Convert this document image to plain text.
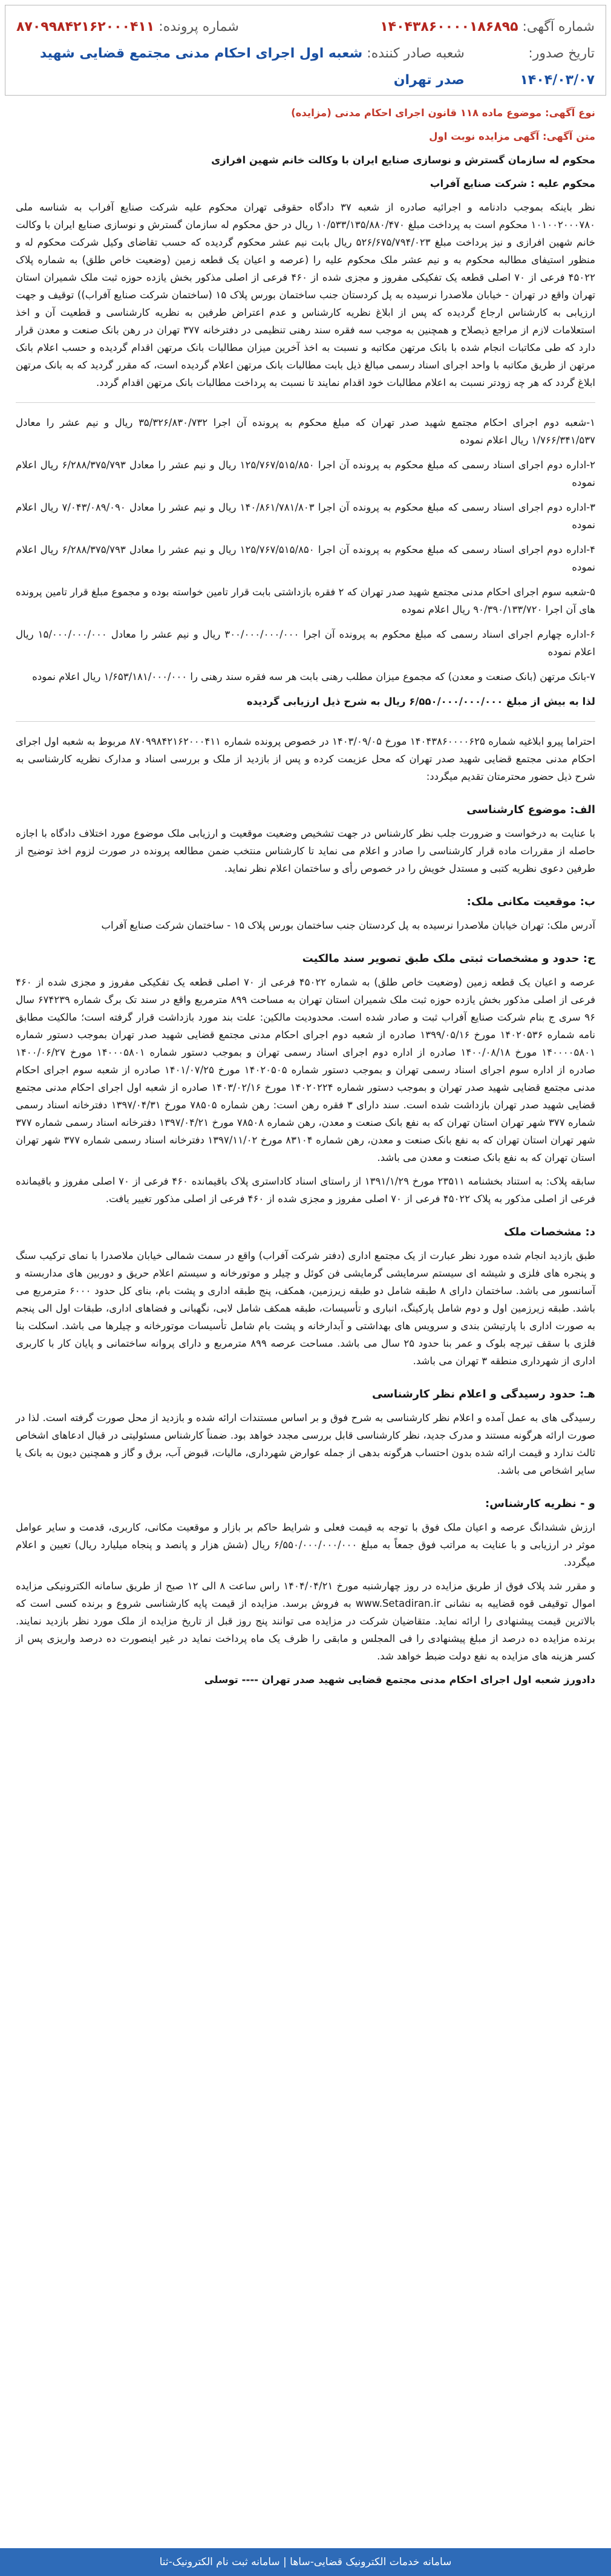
شماره آگهی: ۱۴۰۴۳۸۶۰۰۰۰۱۸۶۸۹۵
شماره پرونده: ۸۷۰۹۹۸۴۲۱۶۲۰۰۰۴۱۱
تاریخ صدور: ۱۴۰۴/۰۳/۰۷
شعبه صادر کننده: شعبه اول اجرای احکام مدنی مجتمع قضایی شهید صدر تهران

نوع آگهی: موضوع ماده ۱۱۸ قانون اجرای احکام مدنی (مزایده)

متن آگهی: آگهی مزایده نوبت اول

محکوم له سازمان گسترش و نوسازی صنایع ایران با وکالت خانم شهین افرازی

محکوم علیه : شرکت صنایع آفراب

نظر باینکه بموجب دادنامه و اجرائیه صادره از شعبه ۳۷ دادگاه حقوقی تهران محکوم علیه شرکت صنایع آفراب به شناسه ملی ۱۰۱۰۰۲۰۰۰۷۸۰ محکوم است به پرداخت مبلغ ۱۰/۵۳۳/۱۳۵/۸۸۰/۴۷۰ ریال در حق محکوم له سازمان گسترش و نوسازی صنایع ایران با وکالت خانم شهین افرازی و نیز پرداخت مبلغ ۵۲۶/۶۷۵/۷۹۴/۰۲۳ ریال بابت نیم عشر محکوم گردیده که حسب تقاضای وکیل شرکت محکوم له و منظور استیفای مطالبه محکوم به و نیم عشر ملک محکوم علیه را (عرصه و اعیان یک قطعه زمین (وضعیت خاص طلق) به شماره پلاک ۴۵۰۲۲ فرعی از ۷۰ اصلی قطعه یک تفکیکی مفروز و مجزی شده از ۴۶۰ فرعی از اصلی مذکور بخش یازده حوزه ثبت ملک شمیران استان تهران واقع در تهران - خیابان ملاصدرا نرسیده به پل کردستان جنب ساختمان بورس پلاک ۱۵ (ساختمان شرکت صنایع آفراب)) توقیف و جهت ارزیابی به کارشناس ارجاع گردیده که پس از ابلاغ نظریه کارشناس و عدم اعتراض طرفین به نظریه کارشناسی و قطعیت آن و اخذ استعلامات لازم از مراجع ذیصلاح و همچنین به موجب سه فقره سند رهنی تنظیمی در دفترخانه ۳۷۷ تهران در رهن بانک صنعت و معدن قرار دارد که طی مکاتبات انجام شده با بانک مرتهن مکاتبه و نسبت به اخذ آخرین میزان مطالبات بانک مرتهن اقدام گردیده و حسب اعلام بانک مرتهن از طریق مکاتبه با واحد اجرای اسناد رسمی مبالغ ذیل بابت مطالبات بانک مرتهن اعلام گردیده است، که مقرر گردید که به بانک مرتهن ابلاغ گردد که هر چه زودتر نسبت به اعلام مطالبات خود اقدام نمایند تا نسبت به پرداخت مطالبات بانک مرتهن اقدام گردد.

۱-شعبه دوم اجرای احکام مجتمع شهید صدر تهران که مبلغ محکوم به پرونده آن اجرا ۳۵/۳۲۶/۸۳۰/۷۳۲ ریال و نیم عشر را معادل ۱/۷۶۶/۳۴۱/۵۳۷ ریال اعلام نموده

۲-اداره دوم اجرای اسناد رسمی که مبلغ محکوم به پرونده آن اجرا ۱۲۵/۷۶۷/۵۱۵/۸۵۰ ریال و نیم عشر را معادل ۶/۲۸۸/۳۷۵/۷۹۳ ریال اعلام نموده

۳-اداره دوم اجرای اسناد رسمی که مبلغ محکوم به پرونده آن اجرا ۱۴۰/۸۶۱/۷۸۱/۸۰۳ ریال و نیم عشر را معادل ۷/۰۴۳/۰۸۹/۰۹۰ ریال اعلام نموده

۴-اداره دوم اجرای اسناد رسمی که مبلغ محکوم به پرونده آن اجرا ۱۲۵/۷۶۷/۵۱۵/۸۵۰ ریال و نیم عشر را معادل ۶/۲۸۸/۳۷۵/۷۹۳ ریال اعلام نموده

۵-شعبه سوم اجرای احکام مدنی مجتمع شهید صدر تهران که ۲ فقره بازداشتی بابت قرار تامین خواسته بوده و مجموع مبلغ قرار تامین پرونده های آن اجرا ۹۰/۳۹۰/۱۳۳/۷۲۰ ریال اعلام نموده

۶-اداره چهارم اجرای اسناد رسمی که مبلغ محکوم به پرونده آن اجرا ۳۰۰/۰۰۰/۰۰۰/۰۰۰ ریال و نیم عشر را معادل ۱۵/۰۰۰/۰۰۰/۰۰۰ ریال اعلام نموده

۷-بانک مرتهن (بانک صنعت و معدن) که مجموع میزان مطلب رهنی بابت هر سه فقره سند رهنی را ۱/۶۵۳/۱۸۱/۰۰۰/۰۰۰ ریال اعلام نموده

لذا به بیش از مبلغ ۶/۵۵۰/۰۰۰/۰۰۰/۰۰۰ ریال به شرح ذیل ارزیابی گردیده

احتراما پیرو ابلاغیه شماره ۱۴۰۴۳۸۶۰۰۰۰۶۲۵ مورخ ۱۴۰۳/۰۹/۰۵ در خصوص پرونده شماره ۸۷۰۹۹۸۴۲۱۶۲۰۰۰۴۱۱ مربوط به شعبه اول اجرای احکام مدنی مجتمع قضایی شهید صدر تهران که محل عزیمت کرده و پس از بازدید از ملک و بررسی اسناد و مدارک نظریه کارشناسی به شرح ذیل حضور محترمتان تقدیم میگردد:

الف: موضوع کارشناسی

با عنایت به درخواست و ضرورت جلب نظر کارشناس در جهت تشخیص وضعیت موقعیت و ارزیابی ملک موضوع مورد اختلاف دادگاه با اجازه حاصله از مقررات ماده قرار کارشناسی را صادر و اعلام می نماید تا کارشناس منتخب ضمن مطالعه پرونده در صورت لزوم اخذ توضیح از طرفین دعوی نظریه کتبی و مستدل خویش را در خصوص رأی و ساختمان اعلام نظر نماید.

ب: موقعیت مکانی ملک:

آدرس ملک: تهران خیابان ملاصدرا نرسیده به پل کردستان جنب ساختمان بورس پلاک ۱۵ - ساختمان شرکت صنایع آفراب

ج: حدود و مشخصات ثبتی ملک طبق تصویر سند مالکیت

عرصه و اعیان یک قطعه زمین (وضعیت خاص طلق) به شماره ۴۵۰۲۲ فرعی از ۷۰ اصلی قطعه یک تفکیکی مفروز و مجزی شده از ۴۶۰ فرعی از اصلی مذکور بخش یازده حوزه ثبت ملک شمیران استان تهران به مساحت ۸۹۹ مترمربع واقع در سند تک برگ شماره ۶۷۴۲۳۹ سال ۹۶ سری ج بنام شرکت صنایع آفراب ثبت و صادر شده است. محدودیت مالکین: علت بند مورد بازداشت قرار گرفته است؛ مالکیت مطابق نامه شماره ۱۴۰۲۰۵۳۶ مورخ ۱۳۹۹/۰۵/۱۶ صادره از شعبه دوم اجرای احکام مدنی مجتمع قضایی شهید صدر تهران بموجب دستور شماره ۱۴۰۰۰۰۵۸۰۱ مورخ ۱۴۰۰/۰۸/۱۸ صادره از اداره دوم اجرای اسناد رسمی تهران و بموجب دستور شماره ۱۴۰۰۰۵۸۰۱ مورخ ۱۴۰۰/۰۶/۲۷ صادره از اداره سوم اجرای اسناد رسمی تهران و بموجب دستور شماره ۱۴۰۲۰۵۰۵ مورخ ۱۴۰۱/۰۷/۲۵ صادره از شعبه سوم اجرای احکام مدنی مجتمع قضایی شهید صدر تهران و بموجب دستور شماره ۱۴۰۲۰۲۲۴ مورخ ۱۴۰۳/۰۲/۱۶ صادره از شعبه اول اجرای احکام مدنی مجتمع قضایی شهید صدر تهران بازداشت شده است. سند دارای ۳ فقره رهن است: رهن شماره ۷۸۵۰۵ مورخ ۱۳۹۷/۰۴/۳۱ دفترخانه اسناد رسمی شماره ۳۷۷ شهر تهران استان تهران که به نفع بانک صنعت و معدن، رهن شماره ۷۸۵۰۸ مورخ ۱۳۹۷/۰۴/۲۱ دفترخانه اسناد رسمی شماره ۳۷۷ شهر تهران استان تهران که به نفع بانک صنعت و معدن، رهن شماره ۸۳۱۰۴ مورخ ۱۳۹۷/۱۱/۰۲ دفترخانه اسناد رسمی شماره ۳۷۷ شهر تهران استان تهران که به نفع بانک صنعت و معدن می باشد.

سابقه پلاک: به استناد بخشنامه ۲۳۵۱۱ مورخ ۱۳۹۱/۱/۲۹ از راستای اسناد کاداستری پلاک باقیمانده ۴۶۰ فرعی از ۷۰ اصلی مفروز و باقیمانده فرعی از اصلی مذکور به پلاک ۴۵۰۲۲ فرعی از ۷۰ اصلی مفروز و مجزی شده از ۴۶۰ فرعی از اصلی مذکور تغییر یافت.

د: مشخصات ملک

طبق بازدید انجام شده مورد نظر عبارت از یک مجتمع اداری (دفتر شرکت آفراب) واقع در سمت شمالی خیابان ملاصدرا با نمای ترکیب سنگ و پنجره های فلزی و شیشه ای سیستم سرمایشی گرمایشی فن کوئل و چیلر و موتورخانه و سیستم اعلام حریق و دوربین های مداربسته و آسانسور می باشد. ساختمان دارای ۸ طبقه شامل دو طبقه زیرزمین، همکف، پنج طبقه اداری و پشت بام، بنای کل حدود ۶۰۰۰ مترمربع می باشد. طبقه زیرزمین اول و دوم شامل پارکینگ، انباری و تأسیسات، طبقه همکف شامل لابی، نگهبانی و فضاهای اداری، طبقات اول الی پنجم به صورت اداری با پارتیشن بندی و سرویس های بهداشتی و آبدارخانه و پشت بام شامل تأسیسات موتورخانه و چیلرها می باشد. اسکلت بنا فلزی با سقف تیرچه بلوک و عمر بنا حدود ۲۵ سال می باشد. مساحت عرصه ۸۹۹ مترمربع و دارای پروانه ساختمانی و پایان کار با کاربری اداری از شهرداری منطقه ۳ تهران می باشد.

هـ: حدود رسیدگی و اعلام نظر کارشناسی

رسیدگی های به عمل آمده و اعلام نظر کارشناسی به شرح فوق و بر اساس مستندات ارائه شده و بازدید از محل صورت گرفته است. لذا در صورت ارائه هرگونه مستند و مدرک جدید، نظر کارشناسی قابل بررسی مجدد خواهد بود. ضمناً کارشناس مسئولیتی در قبال ادعاهای اشخاص ثالث ندارد و قیمت ارائه شده بدون احتساب هرگونه بدهی از جمله عوارض شهرداری، مالیات، قبوض آب، برق و گاز و همچنین دیون به بانک یا سایر اشخاص می باشد.

و - نظریه کارشناس:

ارزش ششدانگ عرصه و اعیان ملک فوق با توجه به قیمت فعلی و شرایط حاکم بر بازار و موقعیت مکانی، کاربری، قدمت و سایر عوامل موثر در ارزیابی و با عنایت به مراتب فوق جمعاً به مبلغ ۶/۵۵۰/۰۰۰/۰۰۰/۰۰۰ ریال (شش هزار و پانصد و پنجاه میلیارد ریال) تعیین و اعلام میگردد.

و مقرر شد پلاک فوق از طریق مزایده در روز چهارشنبه مورخ ۱۴۰۴/۰۴/۲۱ راس ساعت ۸ الی ۱۲ صبح از طریق سامانه الکترونیکی مزایده اموال توقیفی قوه قضاییه به نشانی www.Setadiran.ir به فروش برسد. مزایده از قیمت پایه کارشناسی شروع و برنده کسی است که بالاترین قیمت پیشنهادی را ارائه نماید. متقاضیان شرکت در مزایده می توانند پنج روز قبل از تاریخ مزایده از ملک مورد نظر بازدید نمایند. برنده مزایده ده درصد از مبلغ پیشنهادی را فی المجلس و مابقی را ظرف یک ماه پرداخت نماید در غیر اینصورت ده درصد واریزی پس از کسر هزینه های مزایده به نفع دولت ضبط خواهد شد.

دادورز شعبه اول اجرای احکام مدنی مجتمع قضایی شهید صدر تهران ---- توسلی

سامانه خدمات الکترونیک قضایی-ساها | سامانه ثبت نام الکترونیک-ثنا
